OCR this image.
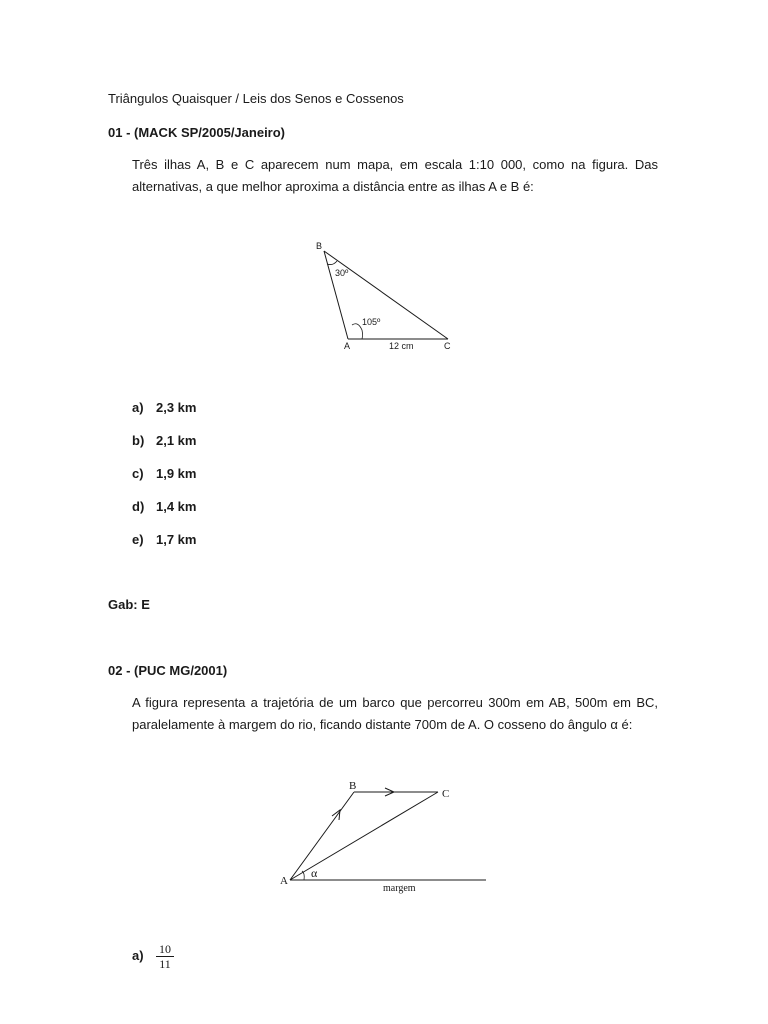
Triângulos Quaisquer / Leis dos Senos e Cossenos
01 - (MACK SP/2005/Janeiro)
Três ilhas A, B e C aparecem num mapa, em escala 1:10 000, como na figura. Das alternativas, a que melhor aproxima a distância entre as ilhas A e B é:
B
30º
105º
A	12 cm	C
a) 2,3 km
b) 2,1 km
c) 1,9 km
d) 1,4 km
e) 1,7 km
Gab: E
02 - (PUC MG/2001)
A figura representa a trajetória de um barco que percorreu 300m em AB, 500m em BC, paralelamente à margem do rio, ficando distante 700m de A. O cosseno do ângulo α é:
B
C
A
α
margem
$a) \frac{10}{11}$
